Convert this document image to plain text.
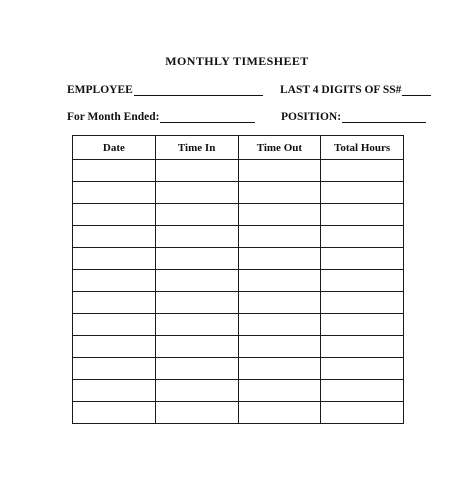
MONTHLY TIMESHEET
EMPLOYEE	LAST 4 DIGITS OF SS#
For Month Ended:	POSITION:
Date	Time In	Time Out	Total Hours
